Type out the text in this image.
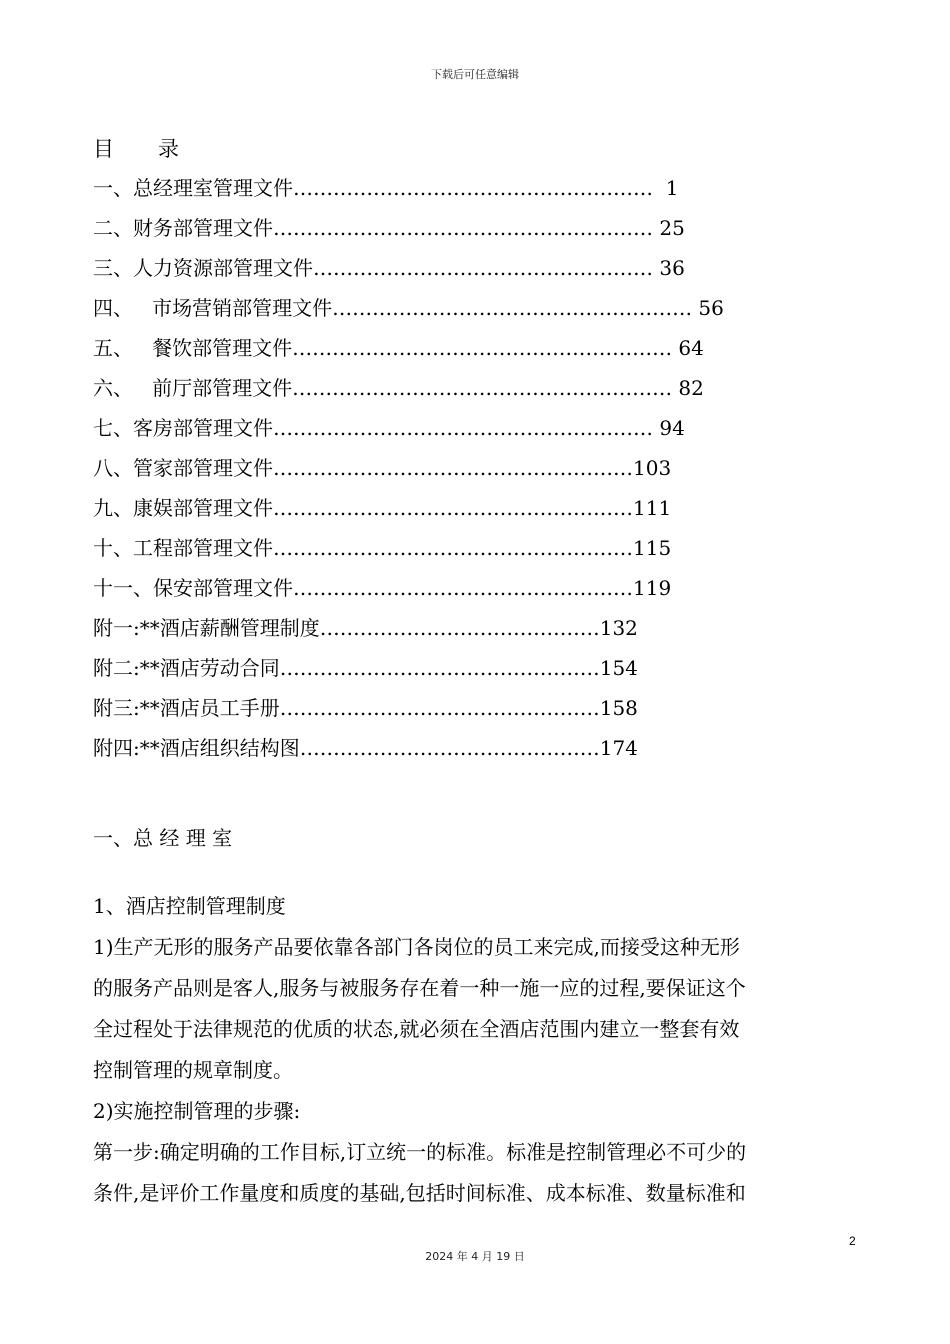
下载后可任意编辑
目 录
一、总经理室管理文件………………………………………………  1
二、财务部管理文件………………………………………………… 25
三、人力资源部管理文件…………………………………………… 36
四、   市场营销部管理文件……………………………………………… 56
五、   餐饮部管理文件………………………………………………… 64
六、   前厅部管理文件………………………………………………… 82
七、客房部管理文件………………………………………………… 94
八、管家部管理文件………………………………………………103
九、康娱部管理文件………………………………………………111
十、工程部管理文件………………………………………………115
十一、保安部管理文件……………………………………………119
附一:**酒店薪酬管理制度……………………………………132
附二:**酒店劳动合同…………………………………………154
附三:**酒店员工手册…………………………………………158
附四:**酒店组织结构图………………………………………174
一、总 经 理 室
1、酒店控制管理制度
1)生产无形的服务产品要依靠各部门各岗位的员工来完成,而接受这种无形
的服务产品则是客人,服务与被服务存在着一种一施一应的过程,要保证这个
全过程处于法律规范的优质的状态,就必须在全酒店范围内建立一整套有效
控制管理的规章制度。
2)实施控制管理的步骤:
第一步:确定明确的工作目标,订立统一的标准。标准是控制管理必不可少的
条件,是评价工作量度和质度的基础,包括时间标准、成本标准、数量标准和
2
2024 年 4 月 19 日
